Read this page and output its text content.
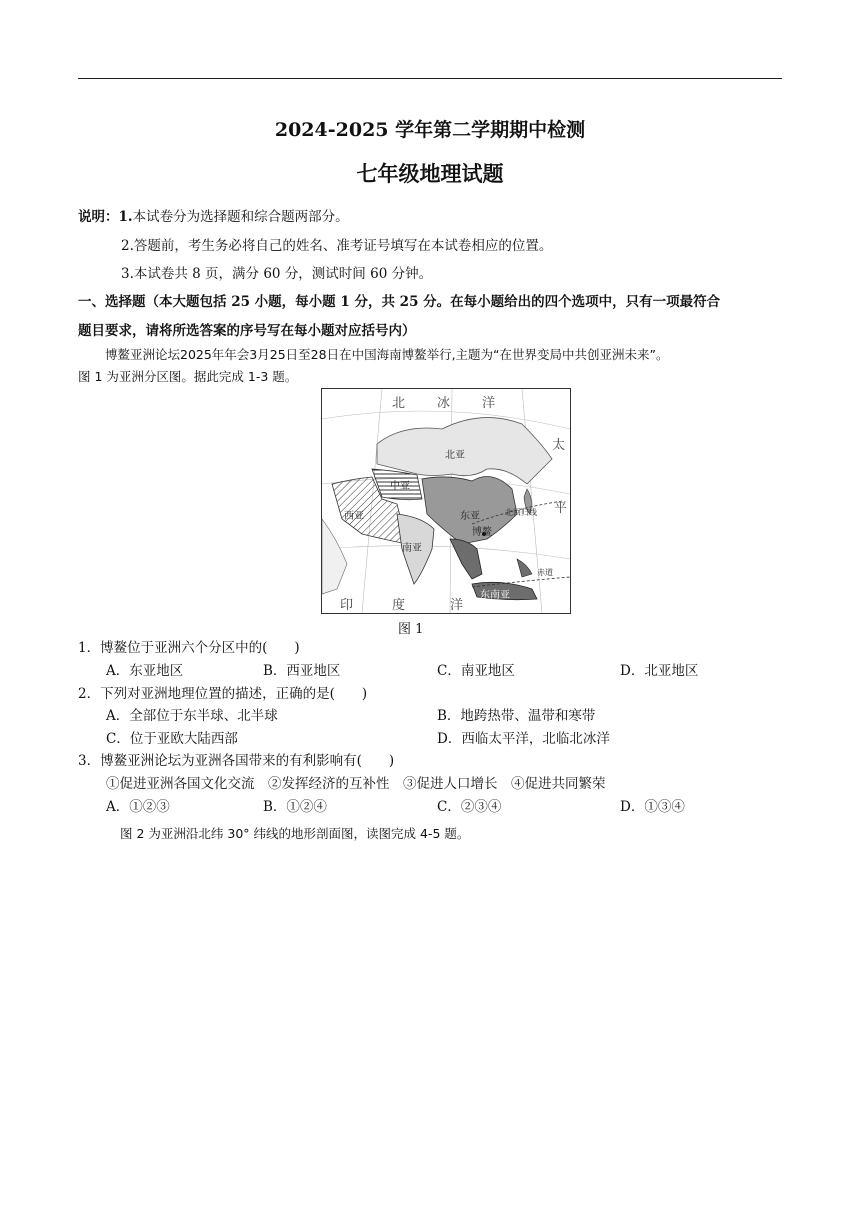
2024-2025 学年第二学期期中检测
七年级地理试题
说明：1.本试卷分为选择题和综合题两部分。
2.答题前，考生务必将自己的姓名、准考证号填写在本试卷相应的位置。
3.本试卷共 8 页，满分 60 分，测试时间 60 分钟。
一、选择题（本大题包括 25 小题，每小题 1 分，共 25 分。在每小题给出的四个选项中，只有一项最符合
题目要求，请将所选答案的序号写在每小题对应括号内）
博鳌亚洲论坛2025年年会3月25日至28日在中国海南博鳌举行,主题为“在世界变局中共创亚洲未来”。
图 1 为亚洲分区图。据此完成 1-3 题。
北 冰 洋
太
平
北亚
中亚
西亚	东亚
博鳌
南亚
东南亚
北回归线
赤道
印	度	洋
图 1
1．博鳌位于亚洲六个分区中的(　　)
A．东亚地区	B．西亚地区	C．南亚地区	D．北亚地区
2．下列对亚洲地理位置的描述，正确的是(　　)
A．全部位于东半球、北半球	B．地跨热带、温带和寒带
C．位于亚欧大陆西部	D．西临太平洋，北临北冰洋
3．博鳌亚洲论坛为亚洲各国带来的有利影响有(　　)
①促进亚洲各国文化交流　②发挥经济的互补性　③促进人口增长　④促进共同繁荣
A．①②③	B．①②④	C．②③④	D．①③④
图 2 为亚洲沿北纬 30° 纬线的地形剖面图，读图完成 4-5 题。
